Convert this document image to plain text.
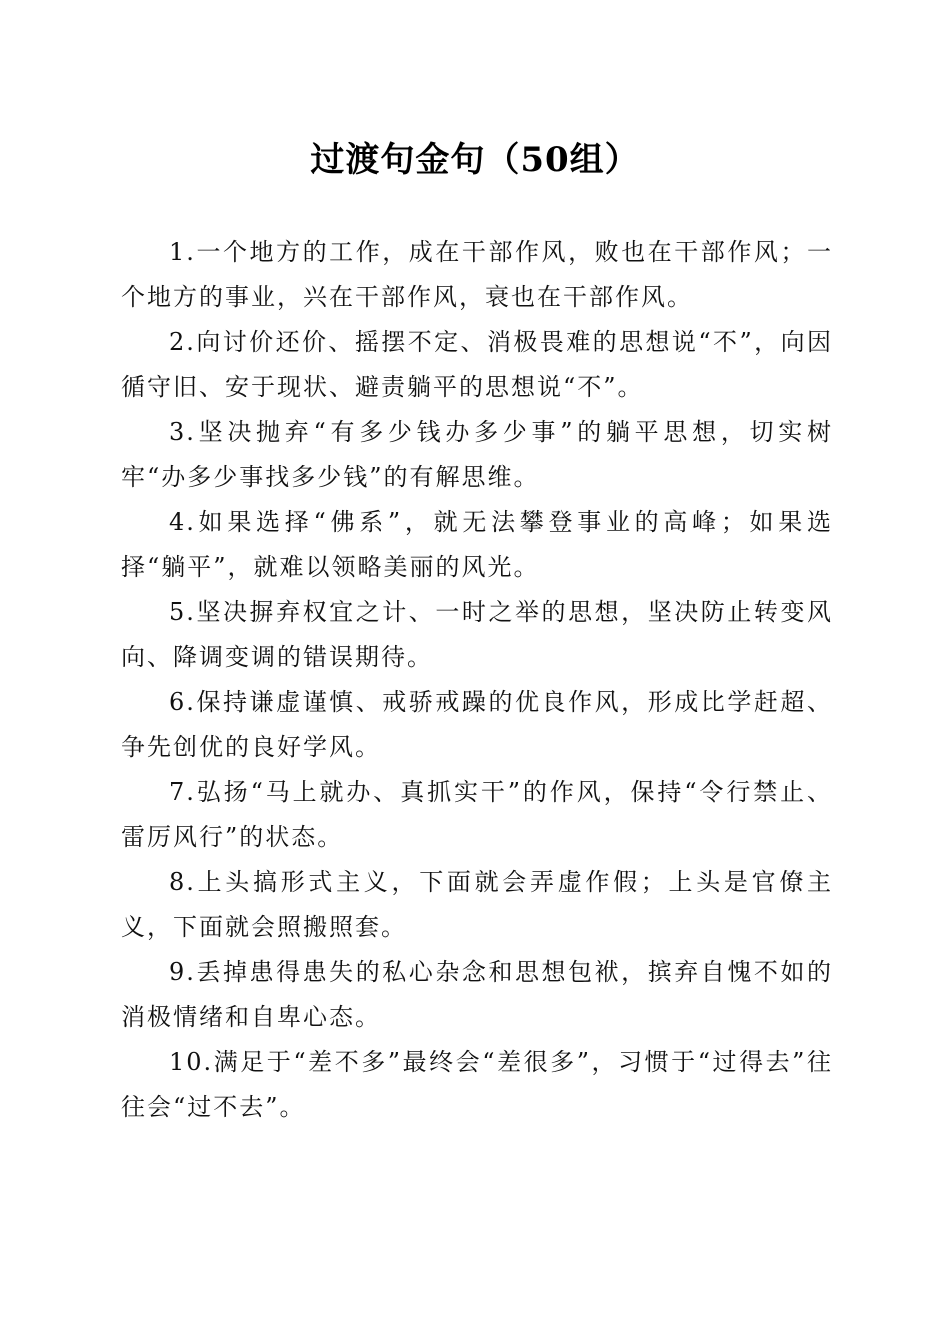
过渡句金句（50组）

1.一个地方的工作，成在干部作风，败也在干部作风；一个地方的事业，兴在干部作风，衰也在干部作风。

2.向讨价还价、摇摆不定、消极畏难的思想说“不”，向因循守旧、安于现状、避责躺平的思想说“不”。

3.坚决抛弃“有多少钱办多少事”的躺平思想，切实树牢“办多少事找多少钱”的有解思维。

4.如果选择“佛系”，就无法攀登事业的高峰；如果选择“躺平”，就难以领略美丽的风光。

5.坚决摒弃权宜之计、一时之举的思想，坚决防止转变风向、降调变调的错误期待。

6.保持谦虚谨慎、戒骄戒躁的优良作风，形成比学赶超、争先创优的良好学风。

7.弘扬“马上就办、真抓实干”的作风，保持“令行禁止、雷厉风行”的状态。

8.上头搞形式主义，下面就会弄虚作假；上头是官僚主义，下面就会照搬照套。

9.丢掉患得患失的私心杂念和思想包袱，摈弃自愧不如的消极情绪和自卑心态。

10.满足于“差不多”最终会“差很多”，习惯于“过得去”往往会“过不去”。
